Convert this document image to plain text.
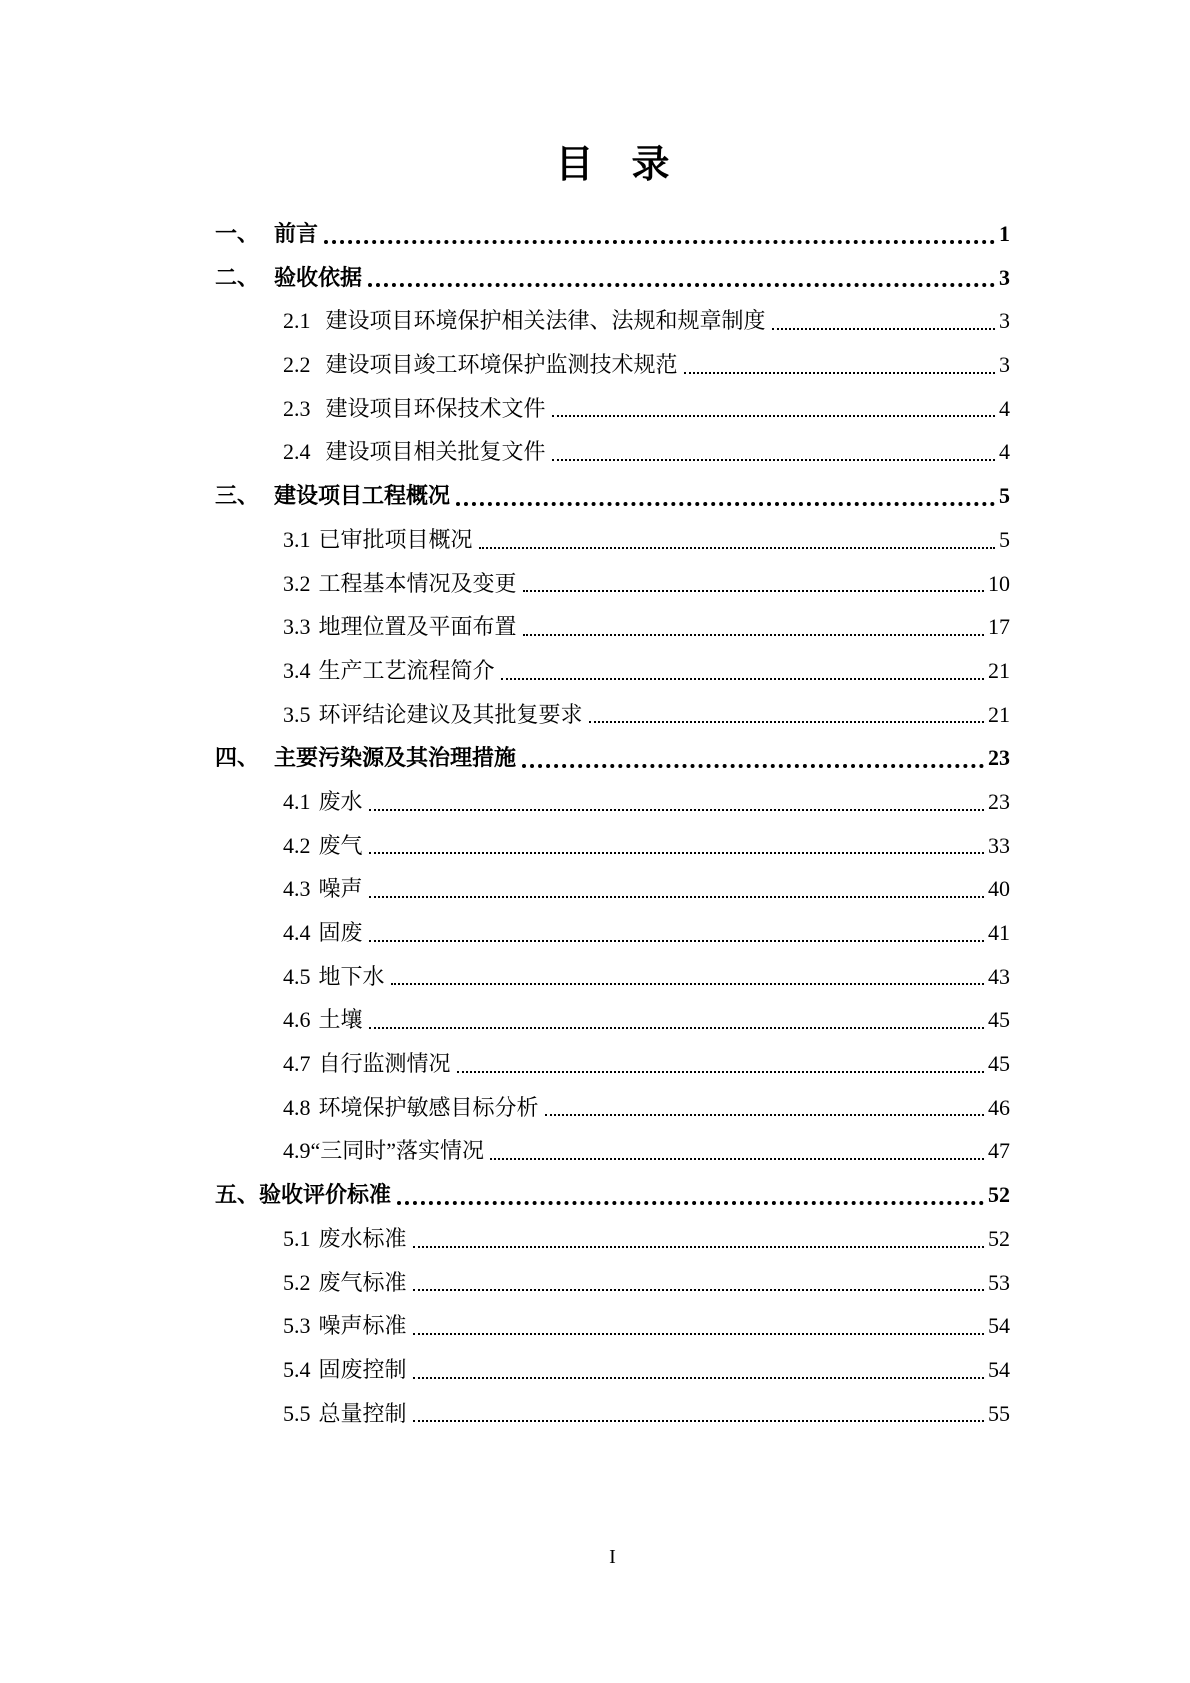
目　录
一、 前言	1
二、 验收依据	3
2.1 建设项目环境保护相关法律、法规和规章制度	3
2.2 建设项目竣工环境保护监测技术规范	3
2.3 建设项目环保技术文件	4
2.4 建设项目相关批复文件	4
三、 建设项目工程概况	5
3.1 已审批项目概况	5
3.2 工程基本情况及变更	10
3.3 地理位置及平面布置	17
3.4 生产工艺流程简介	21
3.5 环评结论建议及其批复要求	21
四、 主要污染源及其治理措施	23
4.1 废水	23
4.2 废气	33
4.3 噪声	40
4.4 固废	41
4.5 地下水	43
4.6 土壤	45
4.7 自行监测情况	45
4.8 环境保护敏感目标分析	46
4.9 “三同时”落实情况	47
五、 验收评价标准	52
5.1 废水标准	52
5.2 废气标准	53
5.3 噪声标准	54
5.4 固废控制	54
5.5 总量控制	55
I
